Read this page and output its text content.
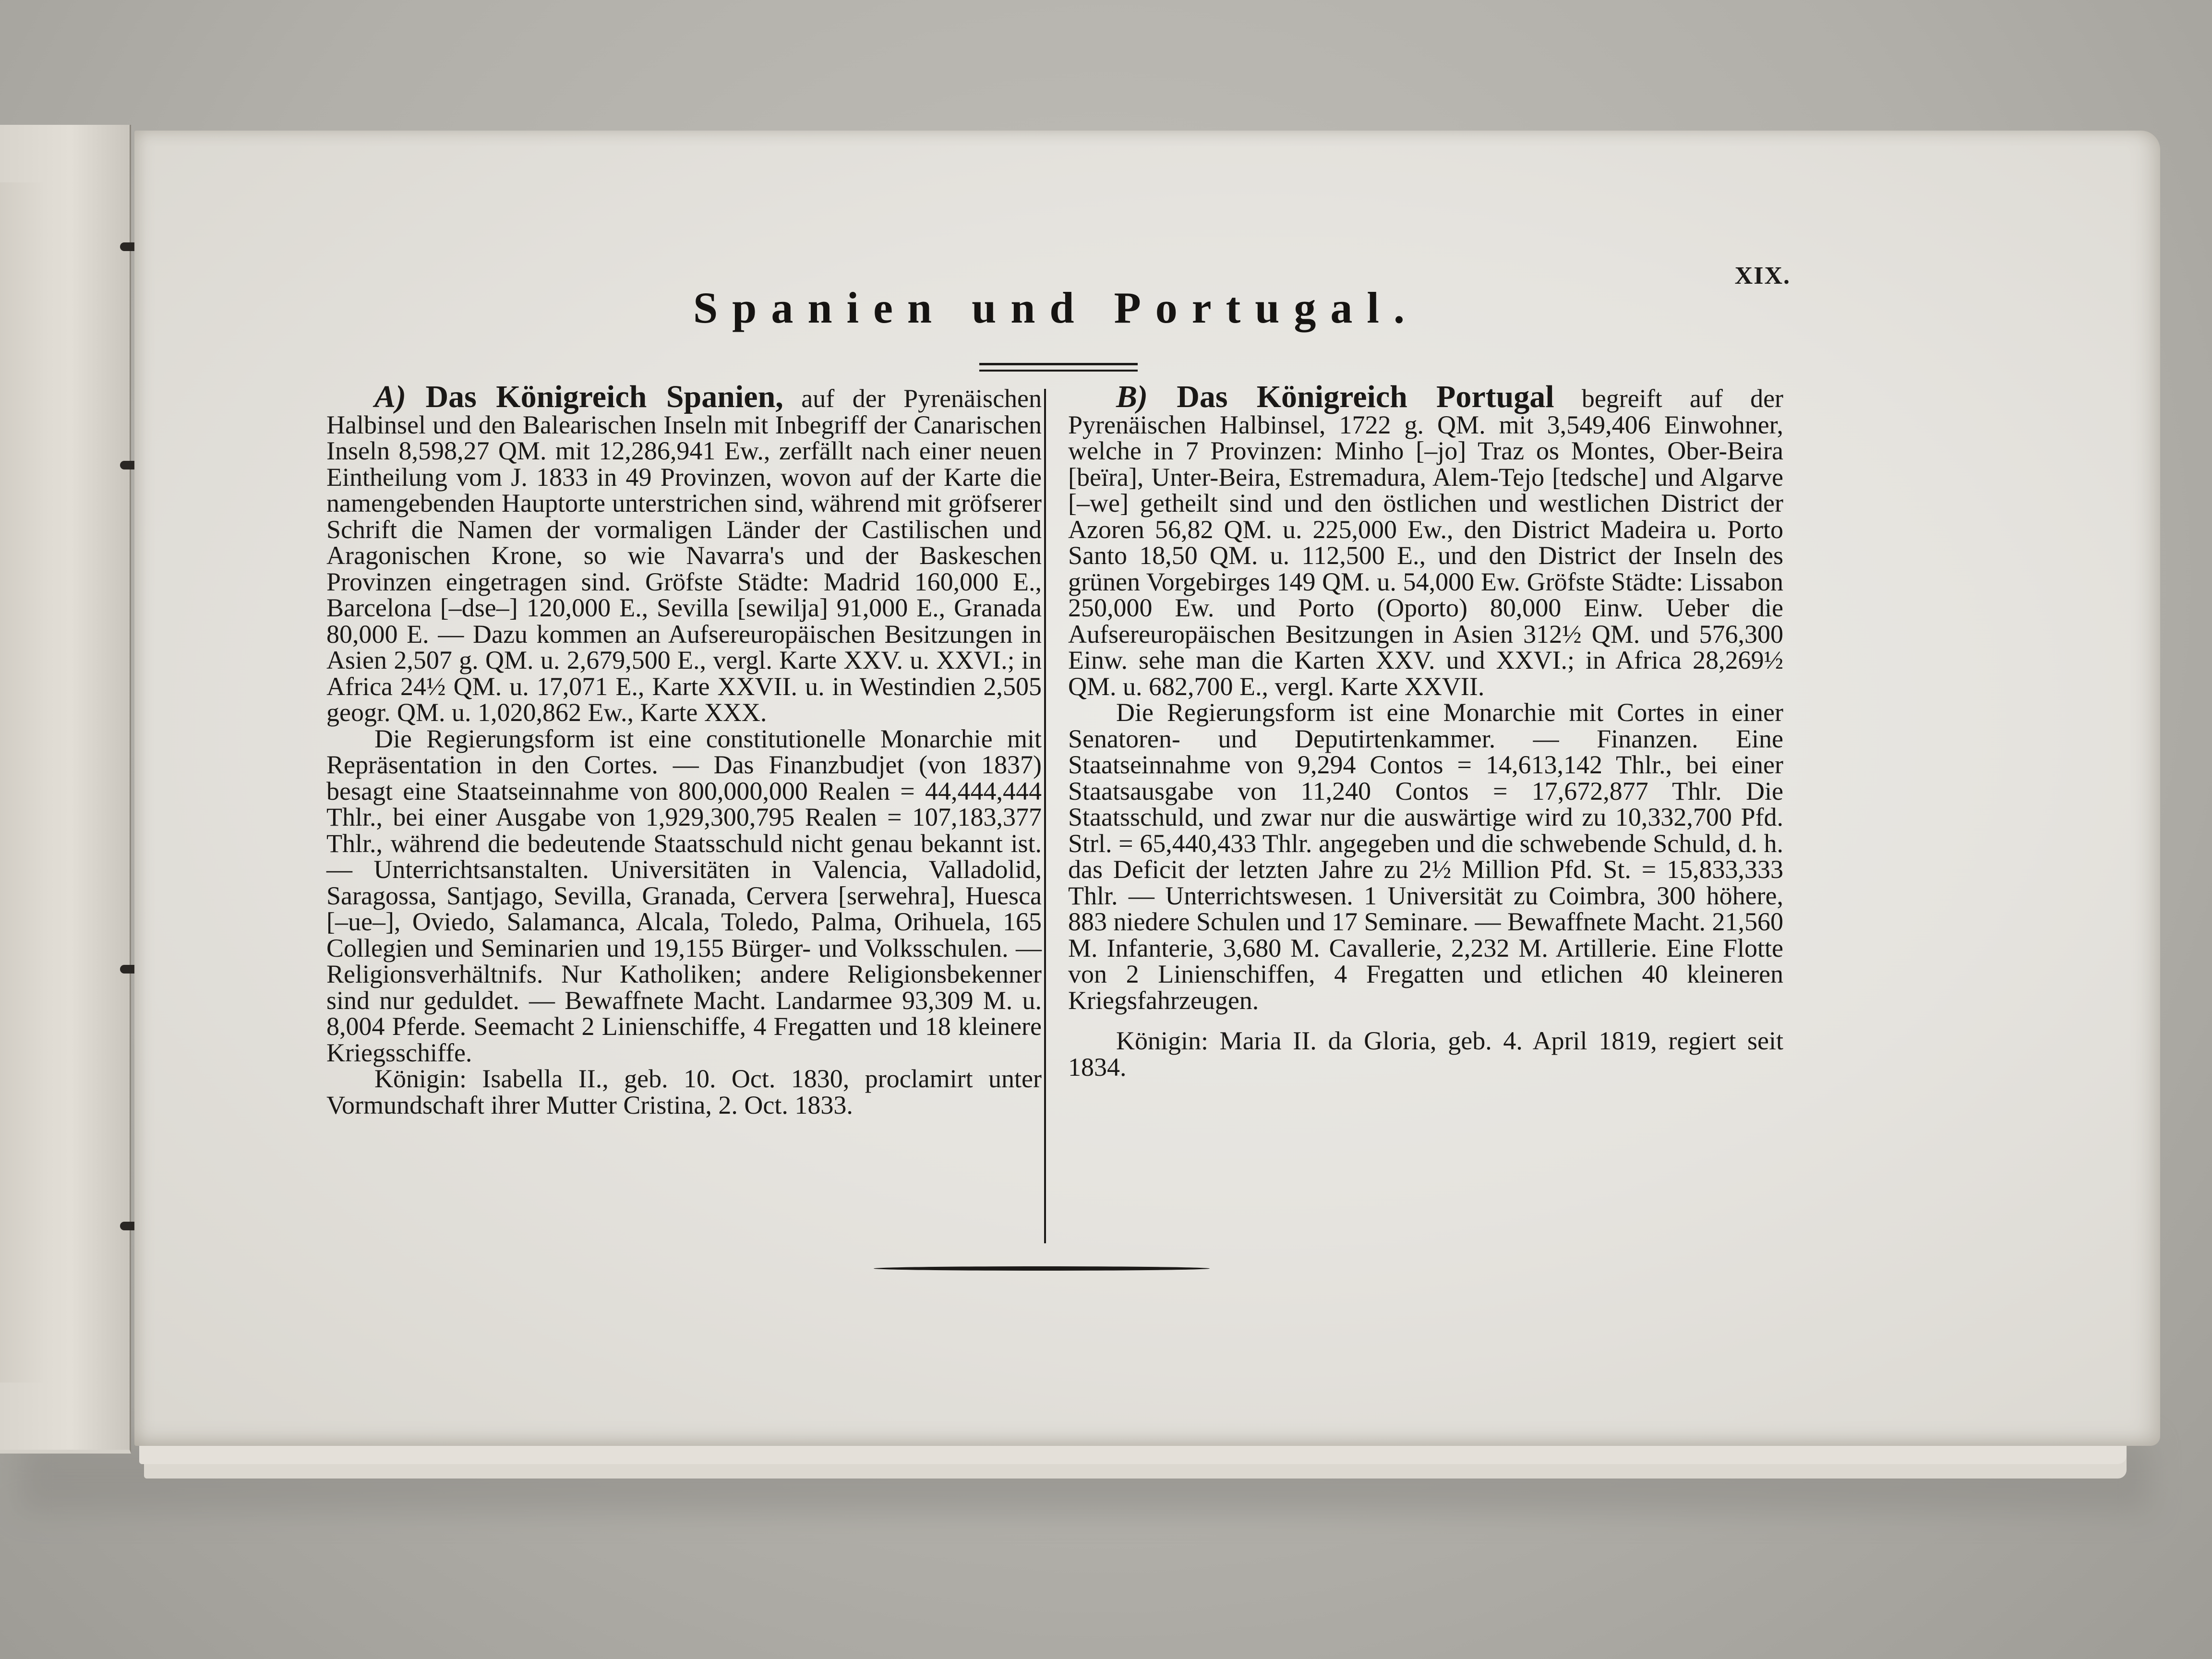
XIX.
Spanien und Portugal.

A) Das Königreich Spanien, auf der Pyrenäischen Halbinsel und den Balearischen Inseln mit Inbegriff der Canarischen Inseln 8,598,27 QM. mit 12,286,941 Ew., zerfällt nach einer neuen Eintheilung vom J. 1833 in 49 Provinzen, wovon auf der Karte die namengebenden Hauptorte unterstrichen sind, während mit gröfserer Schrift die Namen der vormaligen Länder der Castilischen und Aragonischen Krone, so wie Navarra's und der Baskeschen Provinzen eingetragen sind. Gröfste Städte: Madrid 160,000 E., Barcelona [–dse–] 120,000 E., Sevilla [sewilja] 91,000 E., Granada 80,000 E. — Dazu kommen an Aufsereuropäischen Besitzungen in Asien 2,507 g. QM. u. 2,679,500 E., vergl. Karte XXV. u. XXVI.; in Africa 24½ QM. u. 17,071 E., Karte XXVII. u. in Westindien 2,505 geogr. QM. u. 1,020,862 Ew., Karte XXX.

Die Regierungsform ist eine constitutionelle Monarchie mit Repräsentation in den Cortes. — Das Finanzbudjet (von 1837) besagt eine Staatseinnahme von 800,000,000 Realen = 44,444,444 Thlr., bei einer Ausgabe von 1,929,300,795 Realen = 107,183,377 Thlr., während die bedeutende Staatsschuld nicht genau bekannt ist. — Unterrichtsanstalten. Universitäten in Valencia, Valladolid, Saragossa, Santjago, Sevilla, Granada, Cervera [serwehra], Huesca [–ue–], Oviedo, Salamanca, Alcala, Toledo, Palma, Orihuela, 165 Collegien und Seminarien und 19,155 Bürger- und Volksschulen. — Religionsverhältnifs. Nur Katholiken; andere Religionsbekenner sind nur geduldet. — Bewaffnete Macht. Landarmee 93,309 M. u. 8,004 Pferde. Seemacht 2 Linienschiffe, 4 Fregatten und 18 kleinere Kriegsschiffe.

Königin: Isabella II., geb. 10. Oct. 1830, proclamirt unter Vormundschaft ihrer Mutter Cristina, 2. Oct. 1833.

B) Das Königreich Portugal begreift auf der Pyrenäischen Halbinsel, 1722 g. QM. mit 3,549,406 Einwohner, welche in 7 Provinzen: Minho [–jo] Traz os Montes, Ober-Beira [beïra], Unter-Beira, Estremadura, Alem-Tejo [tedsche] und Algarve [–we] getheilt sind und den östlichen und westlichen District der Azoren 56,82 QM. u. 225,000 Ew., den District Madeira u. Porto Santo 18,50 QM. u. 112,500 E., und den District der Inseln des grünen Vorgebirges 149 QM. u. 54,000 Ew. Gröfste Städte: Lissabon 250,000 Ew. und Porto (Oporto) 80,000 Einw. Ueber die Aufsereuropäischen Besitzungen in Asien 312½ QM. und 576,300 Einw. sehe man die Karten XXV. und XXVI.; in Africa 28,269½ QM. u. 682,700 E., vergl. Karte XXVII.

Die Regierungsform ist eine Monarchie mit Cortes in einer Senatoren- und Deputirtenkammer. — Finanzen. Eine Staatseinnahme von 9,294 Contos = 14,613,142 Thlr., bei einer Staatsausgabe von 11,240 Contos = 17,672,877 Thlr. Die Staatsschuld, und zwar nur die auswärtige wird zu 10,332,700 Pfd. Strl. = 65,440,433 Thlr. angegeben und die schwebende Schuld, d. h. das Deficit der letzten Jahre zu 2½ Million Pfd. St. = 15,833,333 Thlr. — Unterrichtswesen. 1 Universität zu Coimbra, 300 höhere, 883 niedere Schulen und 17 Seminare. — Bewaffnete Macht. 21,560 M. Infanterie, 3,680 M. Cavallerie, 2,232 M. Artillerie. Eine Flotte von 2 Linienschiffen, 4 Fregatten und etlichen 40 kleineren Kriegsfahrzeugen.

Königin: Maria II. da Gloria, geb. 4. April 1819, regiert seit 1834.
